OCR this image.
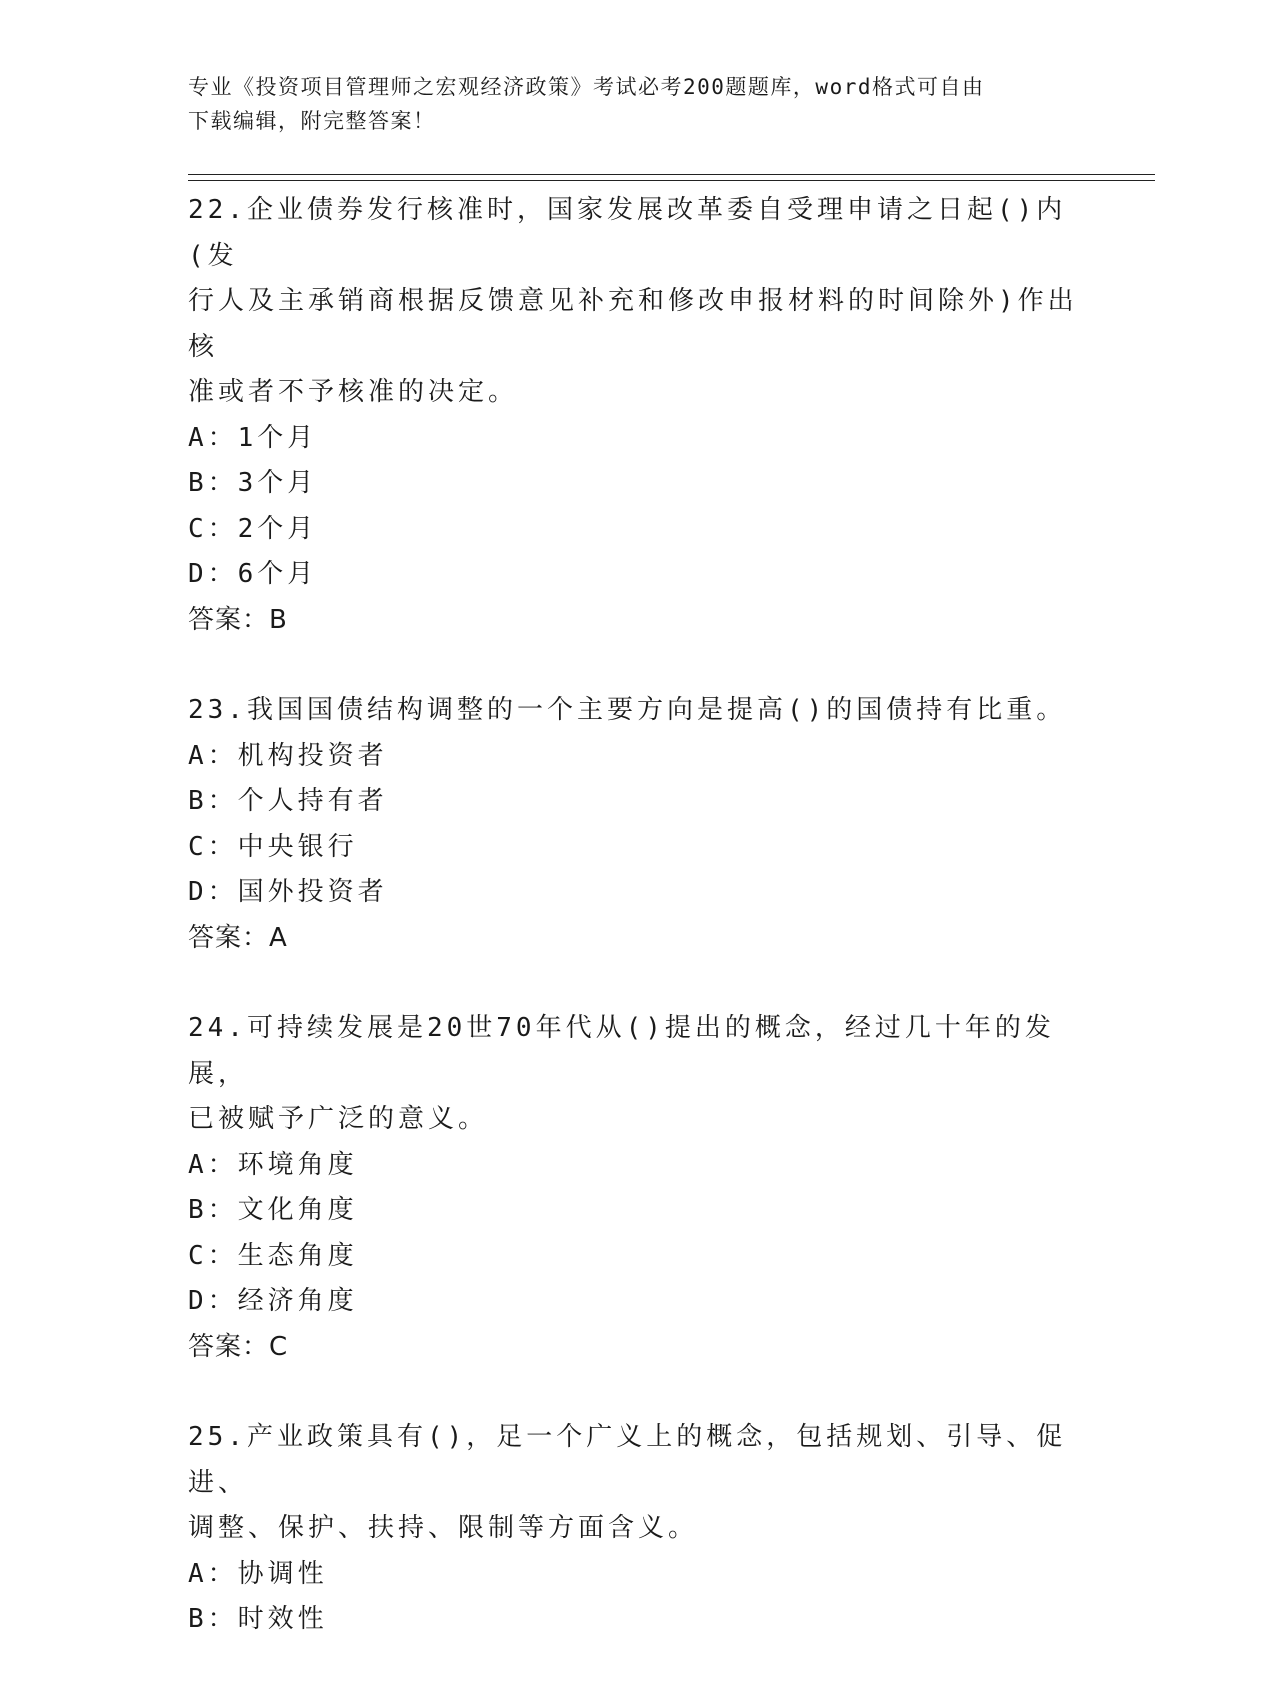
专业《投资项目管理师之宏观经济政策》考试必考200题题库，word格式可自由
下载编辑，附完整答案！

22.企业债券发行核准时，国家发展改革委自受理申请之日起()内(发

行人及主承销商根据反馈意见补充和修改申报材料的时间除外)作出核

准或者不予核准的决定。

A：1个月

B：3个月

C：2个月

D：6个月

答案：B

23.我国国债结构调整的一个主要方向是提高()的国债持有比重。

A：机构投资者

B：个人持有者

C：中央银行

D：国外投资者

答案：A

24.可持续发展是20世70年代从()提出的概念，经过几十年的发展，

已被赋予广泛的意义。

A：环境角度

B：文化角度

C：生态角度

D：经济角度

答案：C

25.产业政策具有()，足一个广义上的概念，包括规划、引导、促进、

调整、保护、扶持、限制等方面含义。

A：协调性

B：时效性
